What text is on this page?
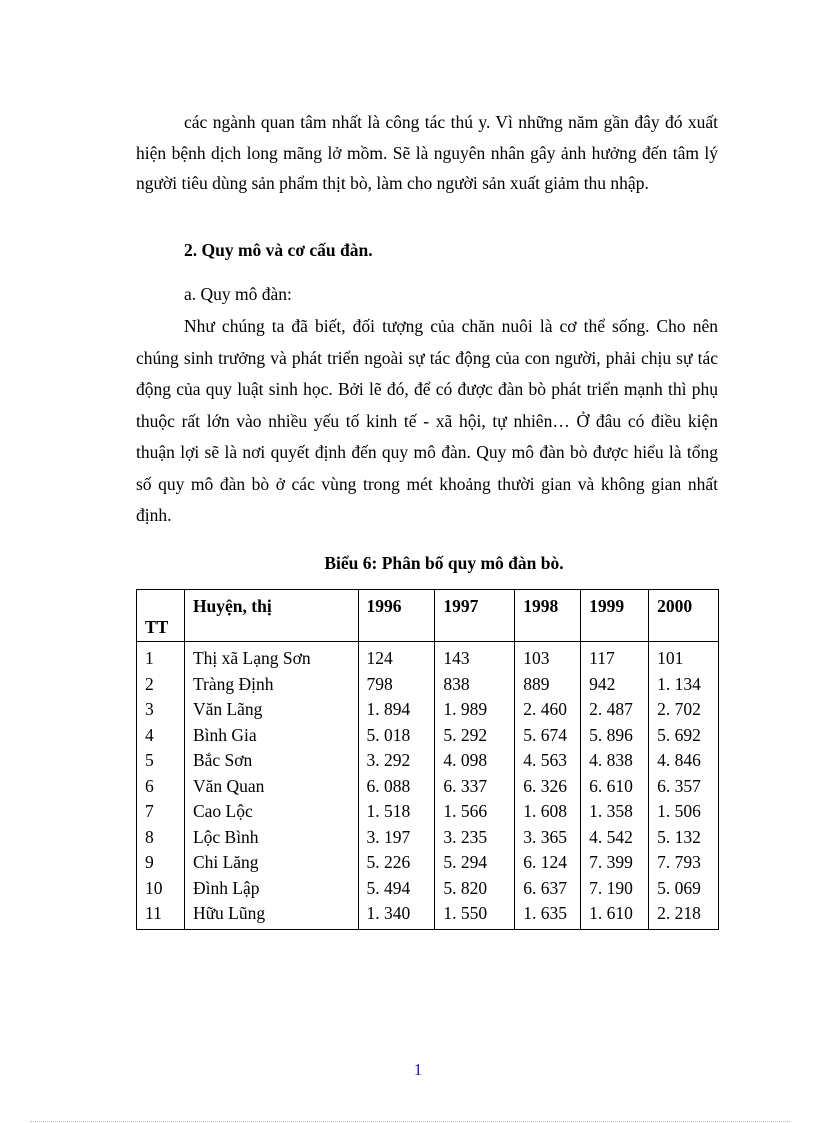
các ngành quan tâm nhất là công tác thú y. Vì những năm gần đây đó xuất hiện bệnh dịch long mãng lở mồm. Sẽ là nguyên nhân gây ảnh hưởng đến tâm lý người tiêu dùng sản phẩm thịt bò, làm cho người sản xuất giảm thu nhập.

2. Quy mô và cơ cấu đàn.

a. Quy mô đàn:

Như chúng ta đã biết, đối tượng của chăn nuôi là cơ thể sống. Cho nên chúng sinh trưởng và phát triển ngoài sự tác động của con người, phải chịu sự tác động của quy luật sinh học. Bởi lẽ đó, để có được đàn bò phát triển mạnh thì phụ thuộc rất lớn vào nhiều yếu tố kinh tế - xã hội, tự nhiên… Ở đâu có điều kiện thuận lợi sẽ là nơi quyết định đến quy mô đàn. Quy mô đàn bò được hiểu là tổng số quy mô đàn bò ở các vùng trong mét khoảng thười gian và không gian nhất định.

Biểu 6: Phân bố quy mô đàn bò.

TT	Huyện, thị	1996	1997	1998	1999	2000
1	Thị xã Lạng Sơn	124	143	103	117	101
2	Tràng Định	798	838	889	942	1. 134
3	Văn Lãng	1. 894	1. 989	2. 460	2. 487	2. 702
4	Bình Gia	5. 018	5. 292	5. 674	5. 896	5. 692
5	Bắc Sơn	3. 292	4. 098	4. 563	4. 838	4. 846
6	Văn Quan	6. 088	6. 337	6. 326	6. 610	6. 357
7	Cao Lộc	1. 518	1. 566	1. 608	1. 358	1. 506
8	Lộc Bình	3. 197	3. 235	3. 365	4. 542	5. 132
9	Chi Lăng	5. 226	5. 294	6. 124	7. 399	7. 793
10	Đình Lập	5. 494	5. 820	6. 637	7. 190	5. 069
11	Hữu Lũng	1. 340	1. 550	1. 635	1. 610	2. 218

1
